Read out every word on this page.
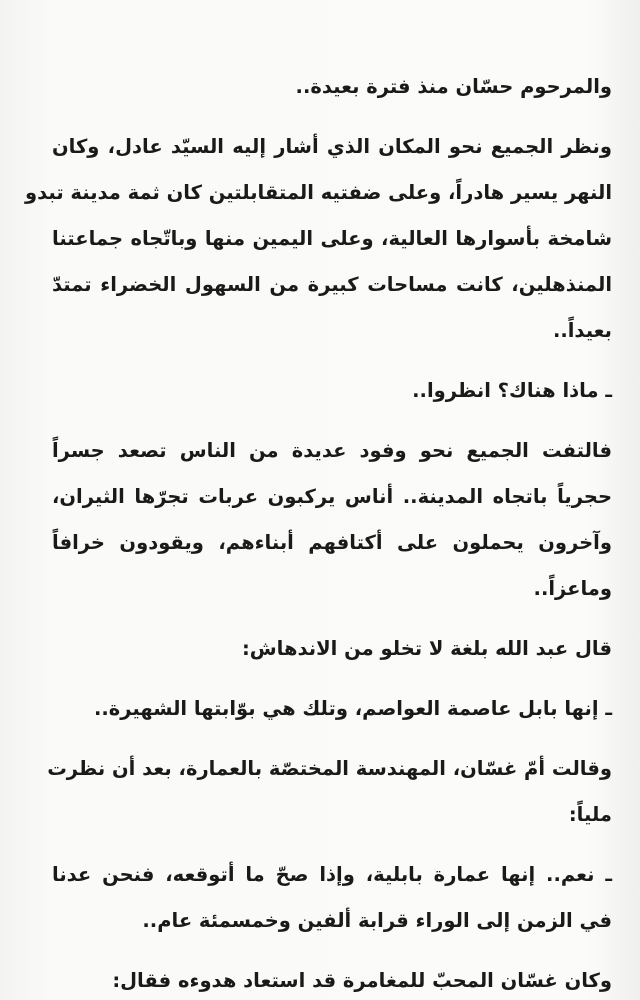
والمرحوم حسّان منذ فترة بعيدة..

ونظر الجميع نحو المكان الذي أشار إليه السيّد عادل، وكان
النهر يسير هادراً، وعلى ضفتيه المتقابلتين كان ثمة مدينة تبدو
شامخة بأسوارها العالية، وعلى اليمين منها وباتّجاه جماعتنا
المنذهلين، كانت مساحات كبيرة من السهول الخضراء تمتدّ
بعيداً..

ـ ماذا هناك؟ انظروا..

فالتفت الجميع نحو وفود عديدة من الناس تصعد جسراً
حجرياً باتجاه المدينة.. أناس يركبون عربات تجرّها الثيران،
وآخرون يحملون على أكتافهم أبناءهم، ويقودون خرافاً
وماعزاً..

قال عبد الله بلغة لا تخلو من الاندهاش:

ـ إنها بابل عاصمة العواصم، وتلك هي بوّابتها الشهيرة..

وقالت أمّ غسّان، المهندسة المختصّة بالعمارة، بعد أن نظرت
ملياً:

ـ نعم.. إنها عمارة بابلية، وإذا صحّ ما أتوقعه، فنحن عدنا
في الزمن إلى الوراء قرابة ألفين وخمسمئة عام..

وكان غسّان المحبّ للمغامرة قد استعاد هدوءه فقال:
